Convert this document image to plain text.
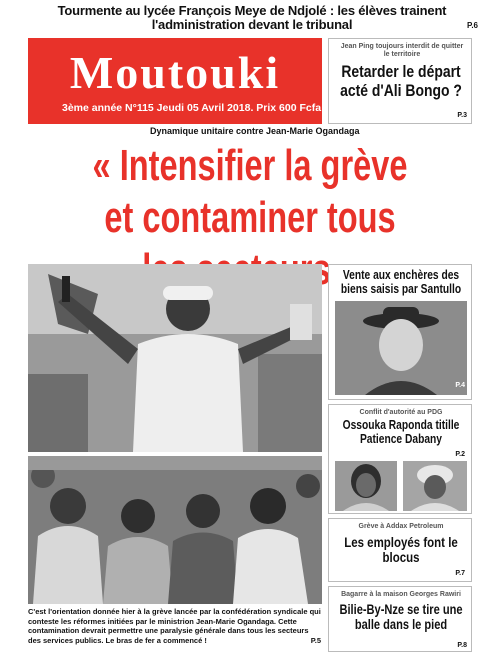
Tourmente au lycée François Meye de Ndjolé : les élèves trainent l'administration devant le tribunal	P.6
Moutouki
3ème année N°115 Jeudi 05 Avril 2018. Prix 600 Fcfa
Jean Ping toujours interdit de quitter le territoire
Retarder le départ acté d'Ali Bongo ?
P.3
Dynamique unitaire contre Jean-Marie Ogandaga
« Intensifier la grève et contaminer tous
C'est l'orientation donnée hier à la grève lancée par la confédération syndicale qui conteste les réformes initiées par le ministrion Jean-Marie Ogandaga. Cette contamination devrait permettre une paralysie générale dans tous les secteurs des services publics. Le bras de fer a commencé !	P.5
Vente aux enchères des biens saisis par Santullo
P.4
Conflit d'autorité au PDG
Ossouka Raponda titille Patience Dabany
P.2
Grève à Addax Petroleum
Les employés font le blocus
P.7
Bagarre à la maison Georges Rawiri
Bilie-By-Nze se tire une balle dans le pied
P.8
